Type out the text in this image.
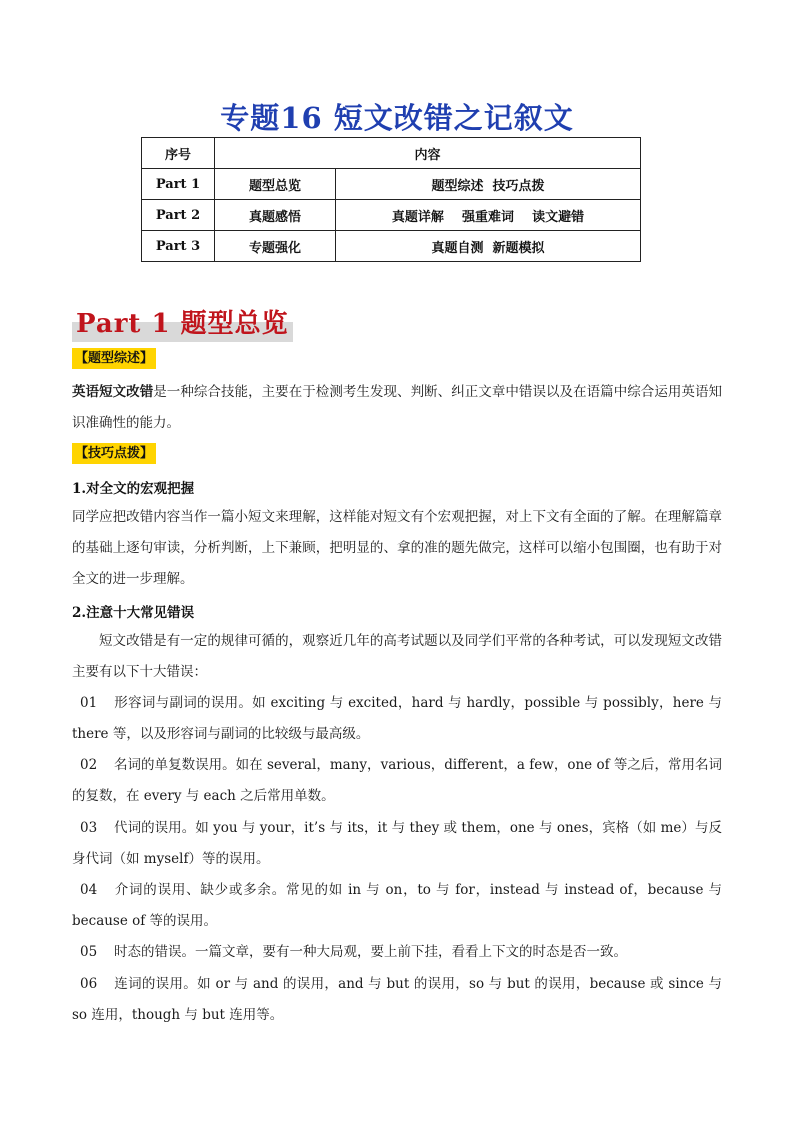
专题16 短文改错之记叙文
序号	内容	
Part 1	题型总览	题型综述  技巧点拨
Part 2	真题感悟	真题详解    强重难词    读文避错
Part 3	专题强化	真题自测  新题模拟
Part 1 题型总览
【题型综述】
英语短文改错是一种综合技能，主要在于检测考生发现、判断、纠正文章中错误以及在语篇中综合运用英语知识准确性的能力。
【技巧点拨】
1.对全文的宏观把握
同学应把改错内容当作一篇小短文来理解，这样能对短文有个宏观把握，对上下文有全面的了解。在理解篇章的基础上逐句审读，分析判断，上下兼顾，把明显的、拿的准的题先做完，这样可以缩小包围圈，也有助于对全文的进一步理解。
2.注意十大常见错误
短文改错是有一定的规律可循的，观察近几年的高考试题以及同学们平常的各种考试，可以发现短文改错主要有以下十大错误：
01 形容词与副词的误用。如 exciting 与 excited，hard 与 hardly，possible 与 possibly，here 与 there 等，以及形容词与副词的比较级与最高级。
02 名词的单复数误用。如在 several，many，various，different，a few，one of 等之后，常用名词的复数，在 every 与 each 之后常用单数。
03 代词的误用。如 you 与 your，it’s 与 its，it 与 they 或 them，one 与 ones，宾格（如 me）与反身代词（如 myself）等的误用。
04 介词的误用、缺少或多余。常见的如 in 与 on，to 与 for，instead 与 instead of，because 与 because of 等的误用。
05 时态的错误。一篇文章，要有一种大局观，要上前下挂，看看上下文的时态是否一致。
06 连词的误用。如 or 与 and 的误用，and 与 but 的误用，so 与 but 的误用，because 或 since 与 so 连用，though 与 but 连用等。
